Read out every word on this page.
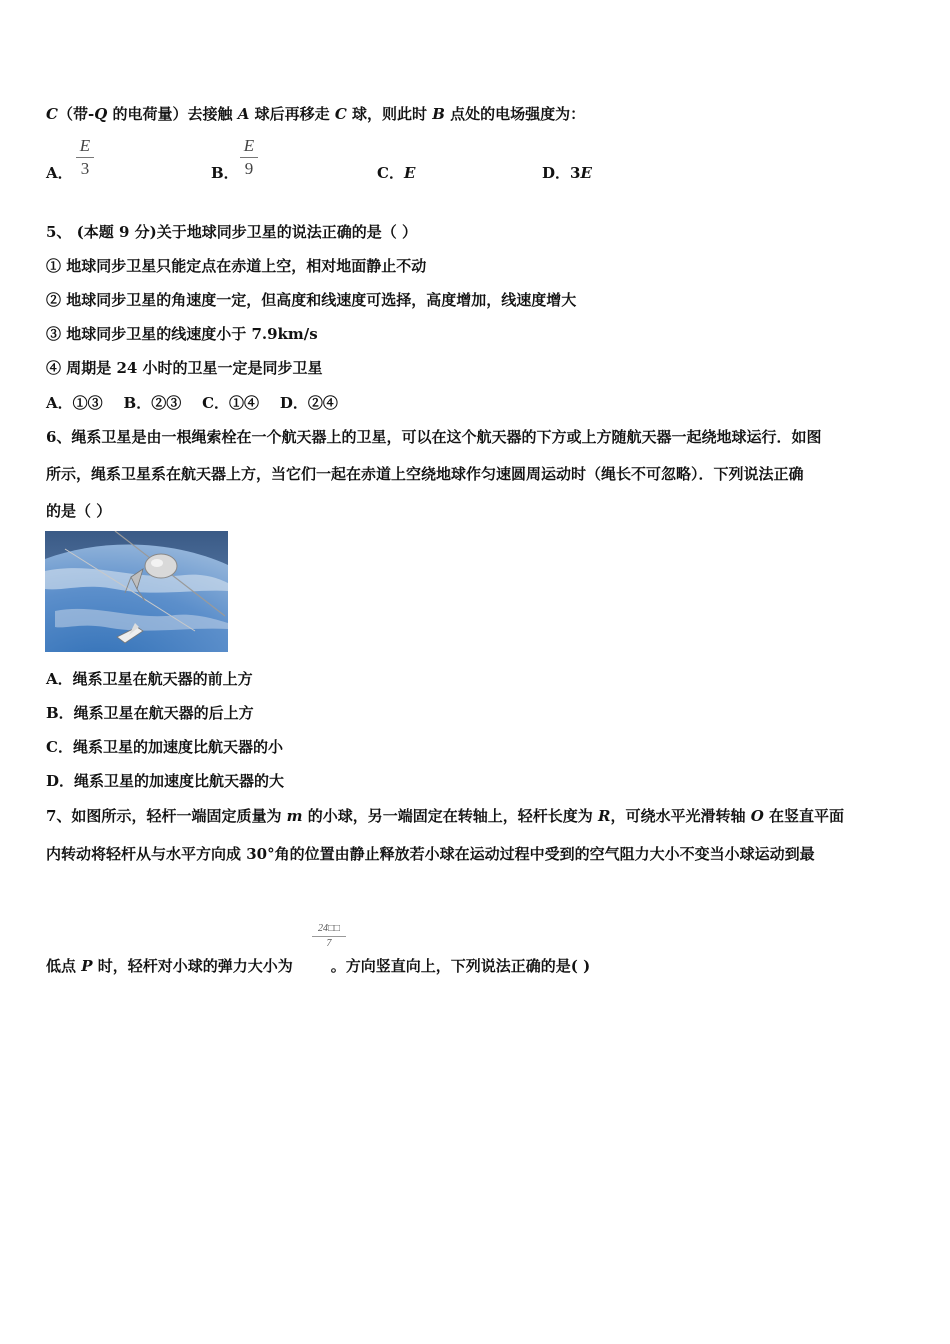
C（带-Q 的电荷量）去接触 A 球后再移走 C 球，则此时 B 点处的电场强度为：
A．
E
3	B．
E
9	C．E	D．3E
5、 (本题 9 分)关于地球同步卫星的说法正确的是（ ）
① 地球同步卫星只能定点在赤道上空，相对地面静止不动
② 地球同步卫星的角速度一定，但高度和线速度可选择，高度增加，线速度增大
③ 地球同步卫星的线速度小于 7.9km/s
④ 周期是 24 小时的卫星一定是同步卫星
A．①③    B．②③    C．①④    D．②④
6、绳系卫星是由一根绳索栓在一个航天器上的卫星，可以在这个航天器的下方或上方随航天器一起绕地球运行．如图
所示，绳系卫星系在航天器上方，当它们一起在赤道上空绕地球作匀速圆周运动时（绳长不可忽略）．下列说法正确
的是（ ）
A．绳系卫星在航天器的前上方
B．绳系卫星在航天器的后上方
C．绳系卫星的加速度比航天器的小
D．绳系卫星的加速度比航天器的大
7、如图所示，轻杆一端固定质量为 m 的小球，另一端固定在转轴上，轻杆长度为 R，可绕水平光滑转轴 O 在竖直平面
内转动将轻杆从与水平方向成 30°角的位置由静止释放若小球在运动过程中受到的空气阻力大小不变当小球运动到最
24□□
7
低点 P 时，轻杆对小球的弹力大小为	。方向竖直向上，下列说法正确的是( )
